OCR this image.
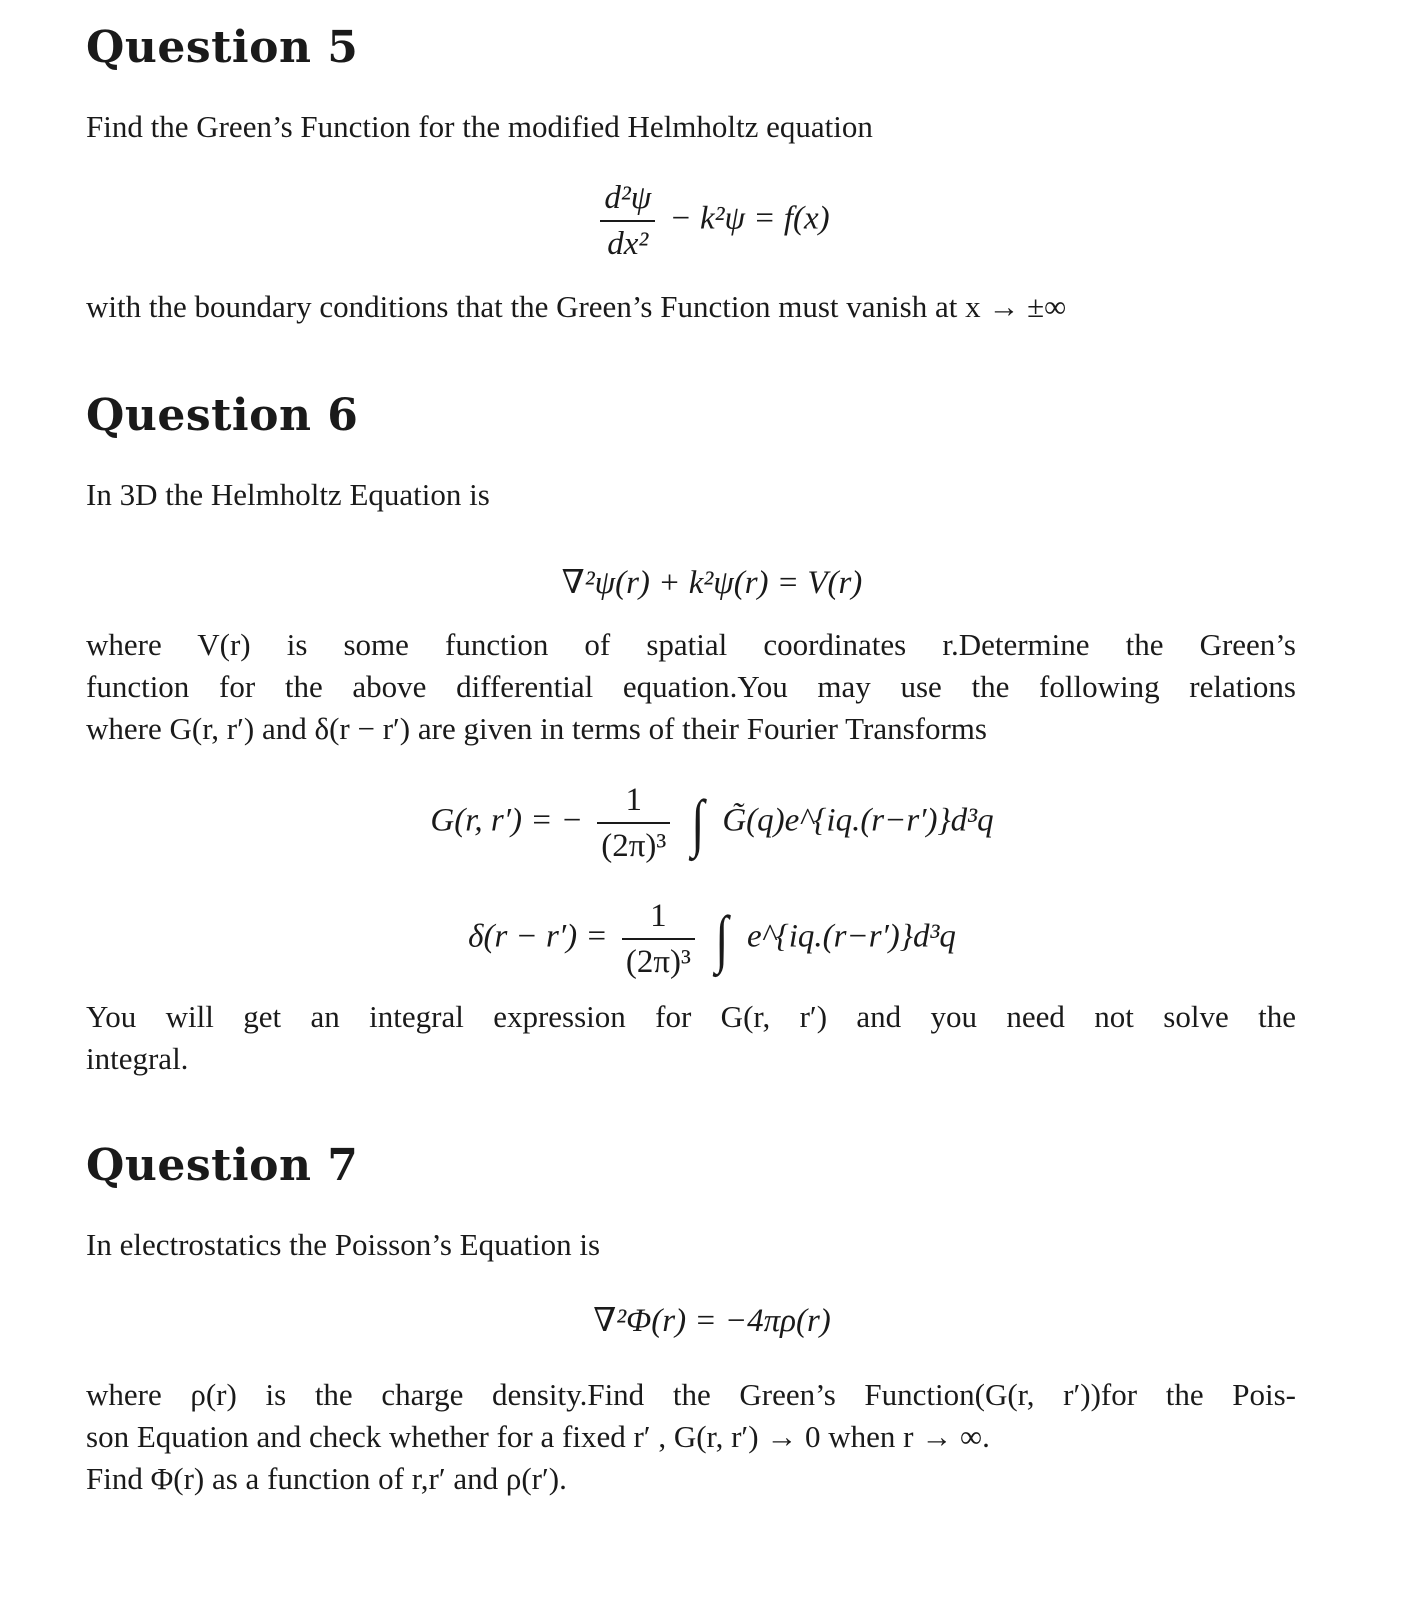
Question 5

Find the Green’s Function for the modified Helmholtz equation

$\frac{\text{d²ψ}}{\text{dx²}} - k^2\psi = f(x)$

with the boundary conditions that the Green’s Function must vanish at x → ±∞

Question 6

In 3D the Helmholtz Equation is

∇²ψ(r) + k²ψ(r) = V(r)

where V(r) is some function of spatial coordinates r.Determine the Green’s
function for the above differential equation.You may use the following relations
where G(r, r′) and δ(r − r′) are given in terms of their Fourier Transforms

G(r, r′) = − $\frac{1}{\text{(2π)³}}$ ∫ G̃(q)e^{iq.(r−r′)}d³q
$\delta(r - r') = \frac{1}{\text{(2π)³}}$ ∫ e^{iq.(r−r′)}d³q

You will get an integral expression for G(r, r′) and you need not solve the
integral.

Question 7

In electrostatics the Poisson’s Equation is

∇²Φ(r) = −4πρ(r)

where ρ(r) is the charge density.Find the Green’s Function(G(r, r′))for the Pois-
son Equation and check whether for a fixed r′ , G(r, r′) → 0 when r → ∞.
Find Φ(r) as a function of r,r′ and ρ(r′).
